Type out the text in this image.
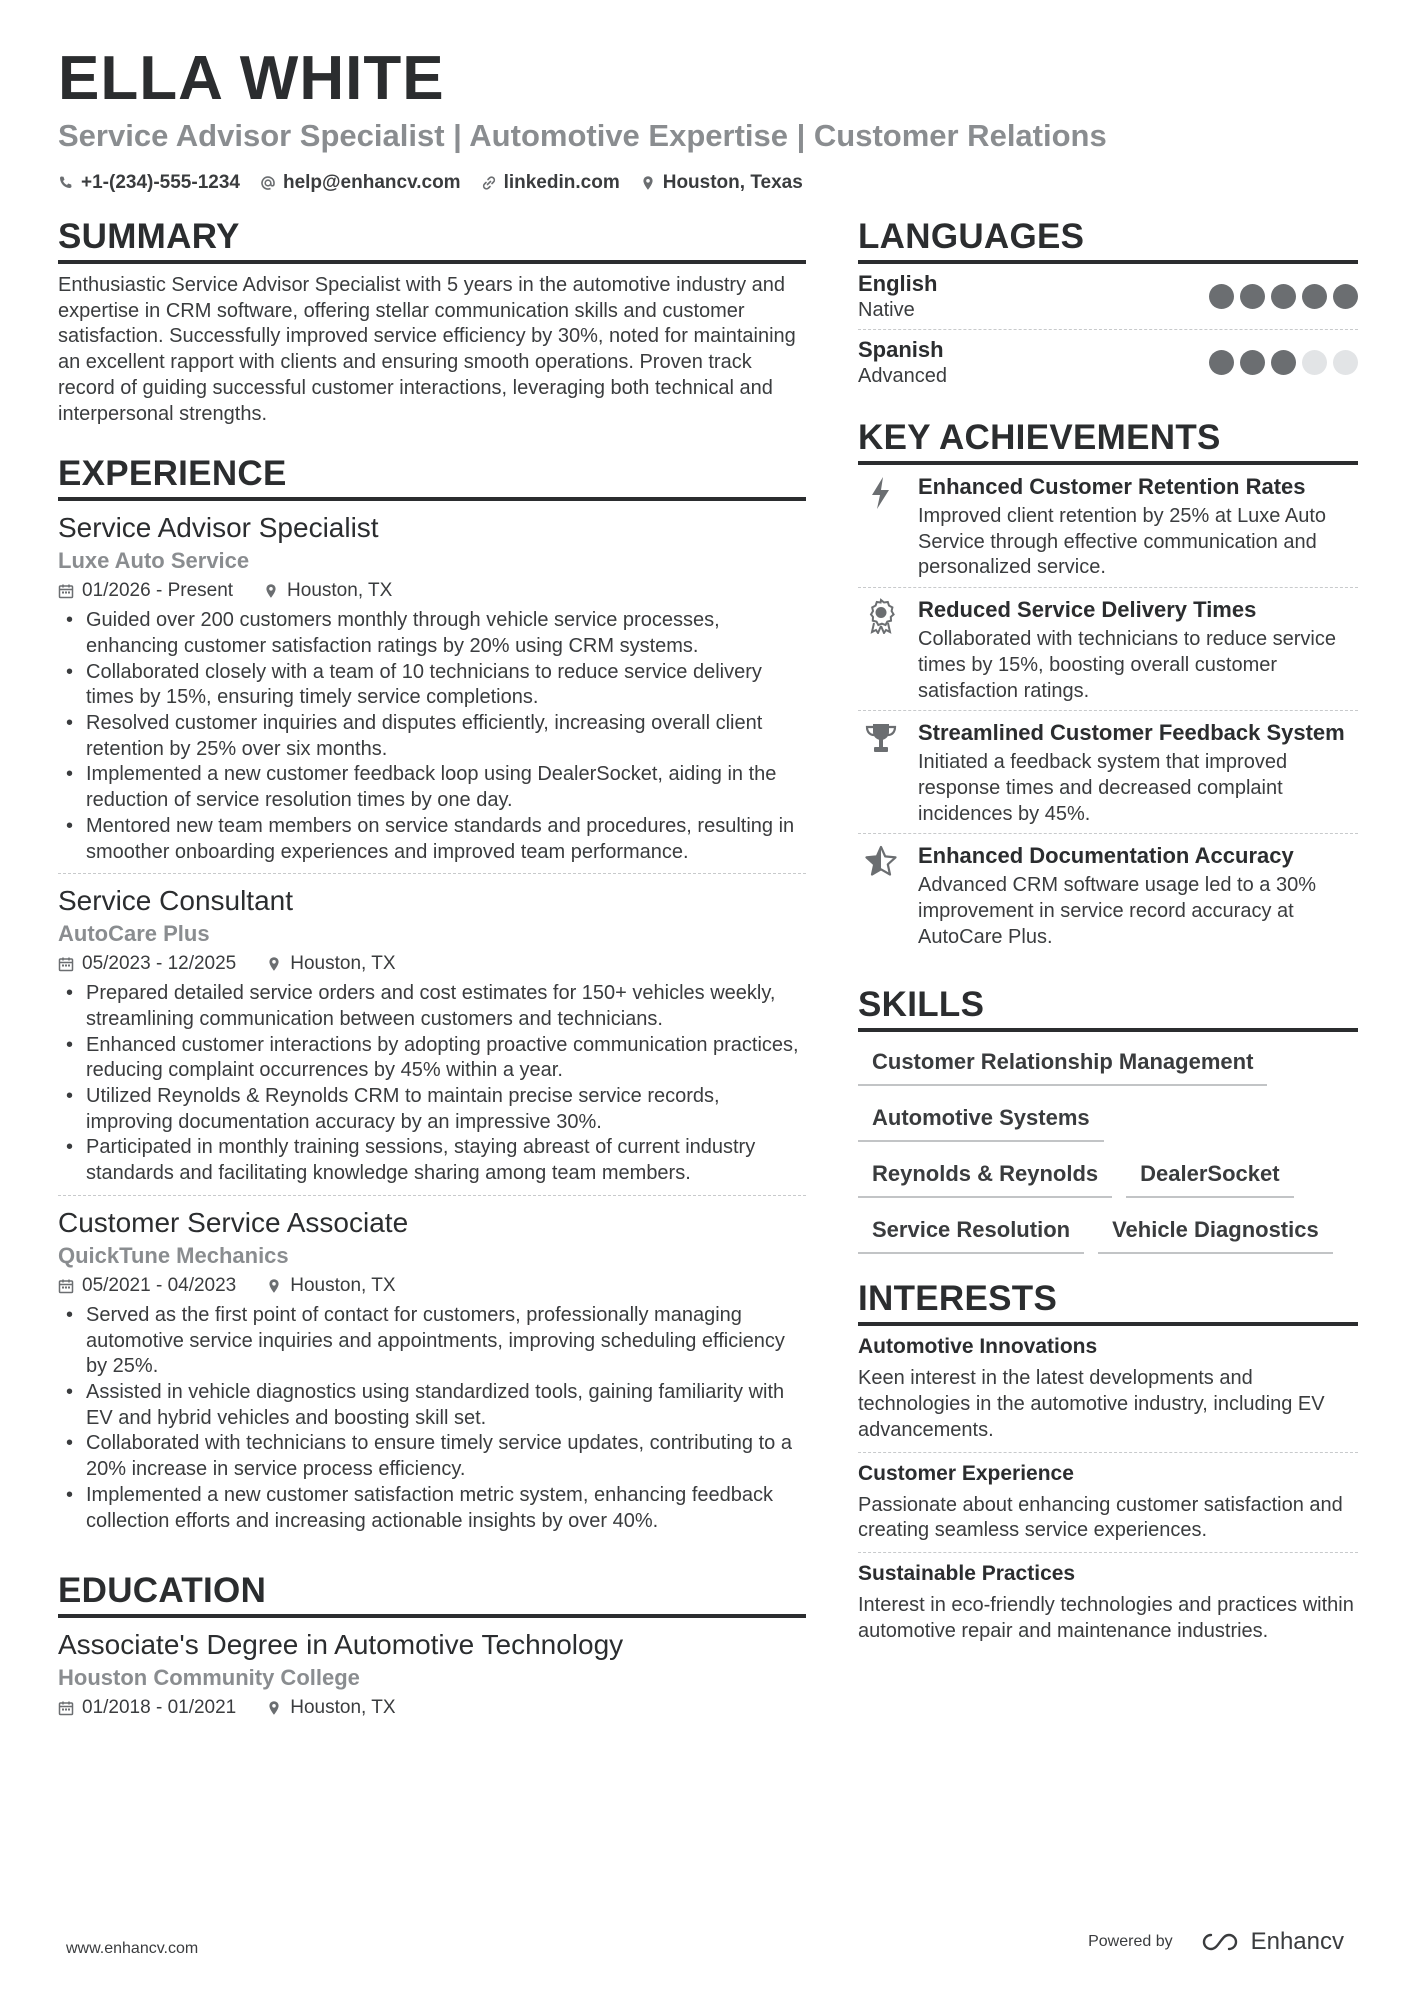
ELLA WHITE
Service Advisor Specialist | Automotive Expertise | Customer Relations
+1-(234)-555-1234 help@enhancv.com linkedin.com Houston, Texas
SUMMARY
Enthusiastic Service Advisor Specialist with 5 years in the automotive industry and expertise in CRM software, offering stellar communication skills and customer satisfaction. Successfully improved service efficiency by 30%, noted for maintaining an excellent rapport with clients and ensuring smooth operations. Proven track record of guiding successful customer interactions, leveraging both technical and interpersonal strengths.
EXPERIENCE
Service Advisor Specialist
Luxe Auto Service
01/2026 - Present	Houston, TX
• Guided over 200 customers monthly through vehicle service processes, enhancing customer satisfaction ratings by 20% using CRM systems.
• Collaborated closely with a team of 10 technicians to reduce service delivery times by 15%, ensuring timely service completions.
• Resolved customer inquiries and disputes efficiently, increasing overall client retention by 25% over six months.
• Implemented a new customer feedback loop using DealerSocket, aiding in the reduction of service resolution times by one day.
• Mentored new team members on service standards and procedures, resulting in smoother onboarding experiences and improved team performance.
Service Consultant
AutoCare Plus
05/2023 - 12/2025	Houston, TX
• Prepared detailed service orders and cost estimates for 150+ vehicles weekly, streamlining communication between customers and technicians.
• Enhanced customer interactions by adopting proactive communication practices, reducing complaint occurrences by 45% within a year.
• Utilized Reynolds & Reynolds CRM to maintain precise service records, improving documentation accuracy by an impressive 30%.
• Participated in monthly training sessions, staying abreast of current industry standards and facilitating knowledge sharing among team members.
Customer Service Associate
QuickTune Mechanics
05/2021 - 04/2023	Houston, TX
• Served as the first point of contact for customers, professionally managing automotive service inquiries and appointments, improving scheduling efficiency by 25%.
• Assisted in vehicle diagnostics using standardized tools, gaining familiarity with EV and hybrid vehicles and boosting skill set.
• Collaborated with technicians to ensure timely service updates, contributing to a 20% increase in service process efficiency.
• Implemented a new customer satisfaction metric system, enhancing feedback collection efforts and increasing actionable insights by over 40%.
EDUCATION
Associate's Degree in Automotive Technology
Houston Community College
01/2018 - 01/2021	Houston, TX
LANGUAGES
English
Native
Spanish
Advanced
KEY ACHIEVEMENTS
Enhanced Customer Retention Rates
Improved client retention by 25% at Luxe Auto Service through effective communication and personalized service.
Reduced Service Delivery Times
Collaborated with technicians to reduce service times by 15%, boosting overall customer satisfaction ratings.
Streamlined Customer Feedback System
Initiated a feedback system that improved response times and decreased complaint incidences by 45%.
Enhanced Documentation Accuracy
Advanced CRM software usage led to a 30% improvement in service record accuracy at AutoCare Plus.
SKILLS
Customer Relationship Management
Automotive Systems
Reynolds & Reynolds	DealerSocket
Service Resolution	Vehicle Diagnostics
INTERESTS
Automotive Innovations
Keen interest in the latest developments and technologies in the automotive industry, including EV advancements.
Customer Experience
Passionate about enhancing customer satisfaction and creating seamless service experiences.
Sustainable Practices
Interest in eco-friendly technologies and practices within automotive repair and maintenance industries.
www.enhancv.com	Powered by	Enhancv
